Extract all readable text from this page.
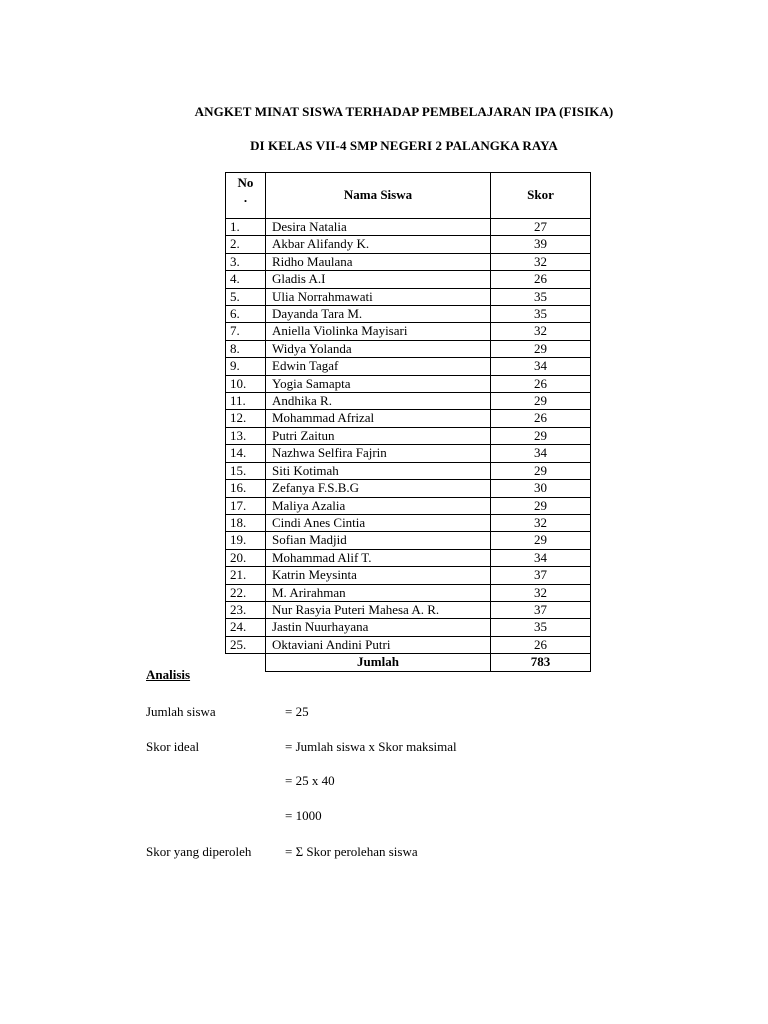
ANGKET MINAT SISWA TERHADAP PEMBELAJARAN IPA (FISIKA)
DI KELAS VII-4 SMP NEGERI 2 PALANGKA RAYA
No
.	Nama Siswa	Skor
1.	Desira Natalia	27
2.	Akbar Alifandy K.	39
3.	Ridho Maulana	32
4.	Gladis A.I	26
5.	Ulia Norrahmawati	35
6.	Dayanda Tara M.	35
7.	Aniella Violinka Mayisari	32
8.	Widya Yolanda	29
9.	Edwin Tagaf	34
10.	Yogia Samapta	26
11.	Andhika R.	29
12.	Mohammad Afrizal	26
13.	Putri Zaitun	29
14.	Nazhwa Selfira Fajrin	34
15.	Siti Kotimah	29
16.	Zefanya F.S.B.G	30
17.	Maliya Azalia	29
18.	Cindi Anes Cintia	32
19.	Sofian Madjid	29
20.	Mohammad Alif T.	34
21.	Katrin Meysinta	37
22.	M. Arirahman	32
23.	Nur Rasyia Puteri Mahesa A. R.	37
24.	Jastin Nuurhayana	35
25.	Oktaviani Andini Putri	26
	Jumlah	783
Analisis
Jumlah siswa	= 25
Skor ideal	= Jumlah siswa x Skor maksimal
= 25 x 40
= 1000
Skor yang diperoleh	= Σ Skor perolehan siswa
